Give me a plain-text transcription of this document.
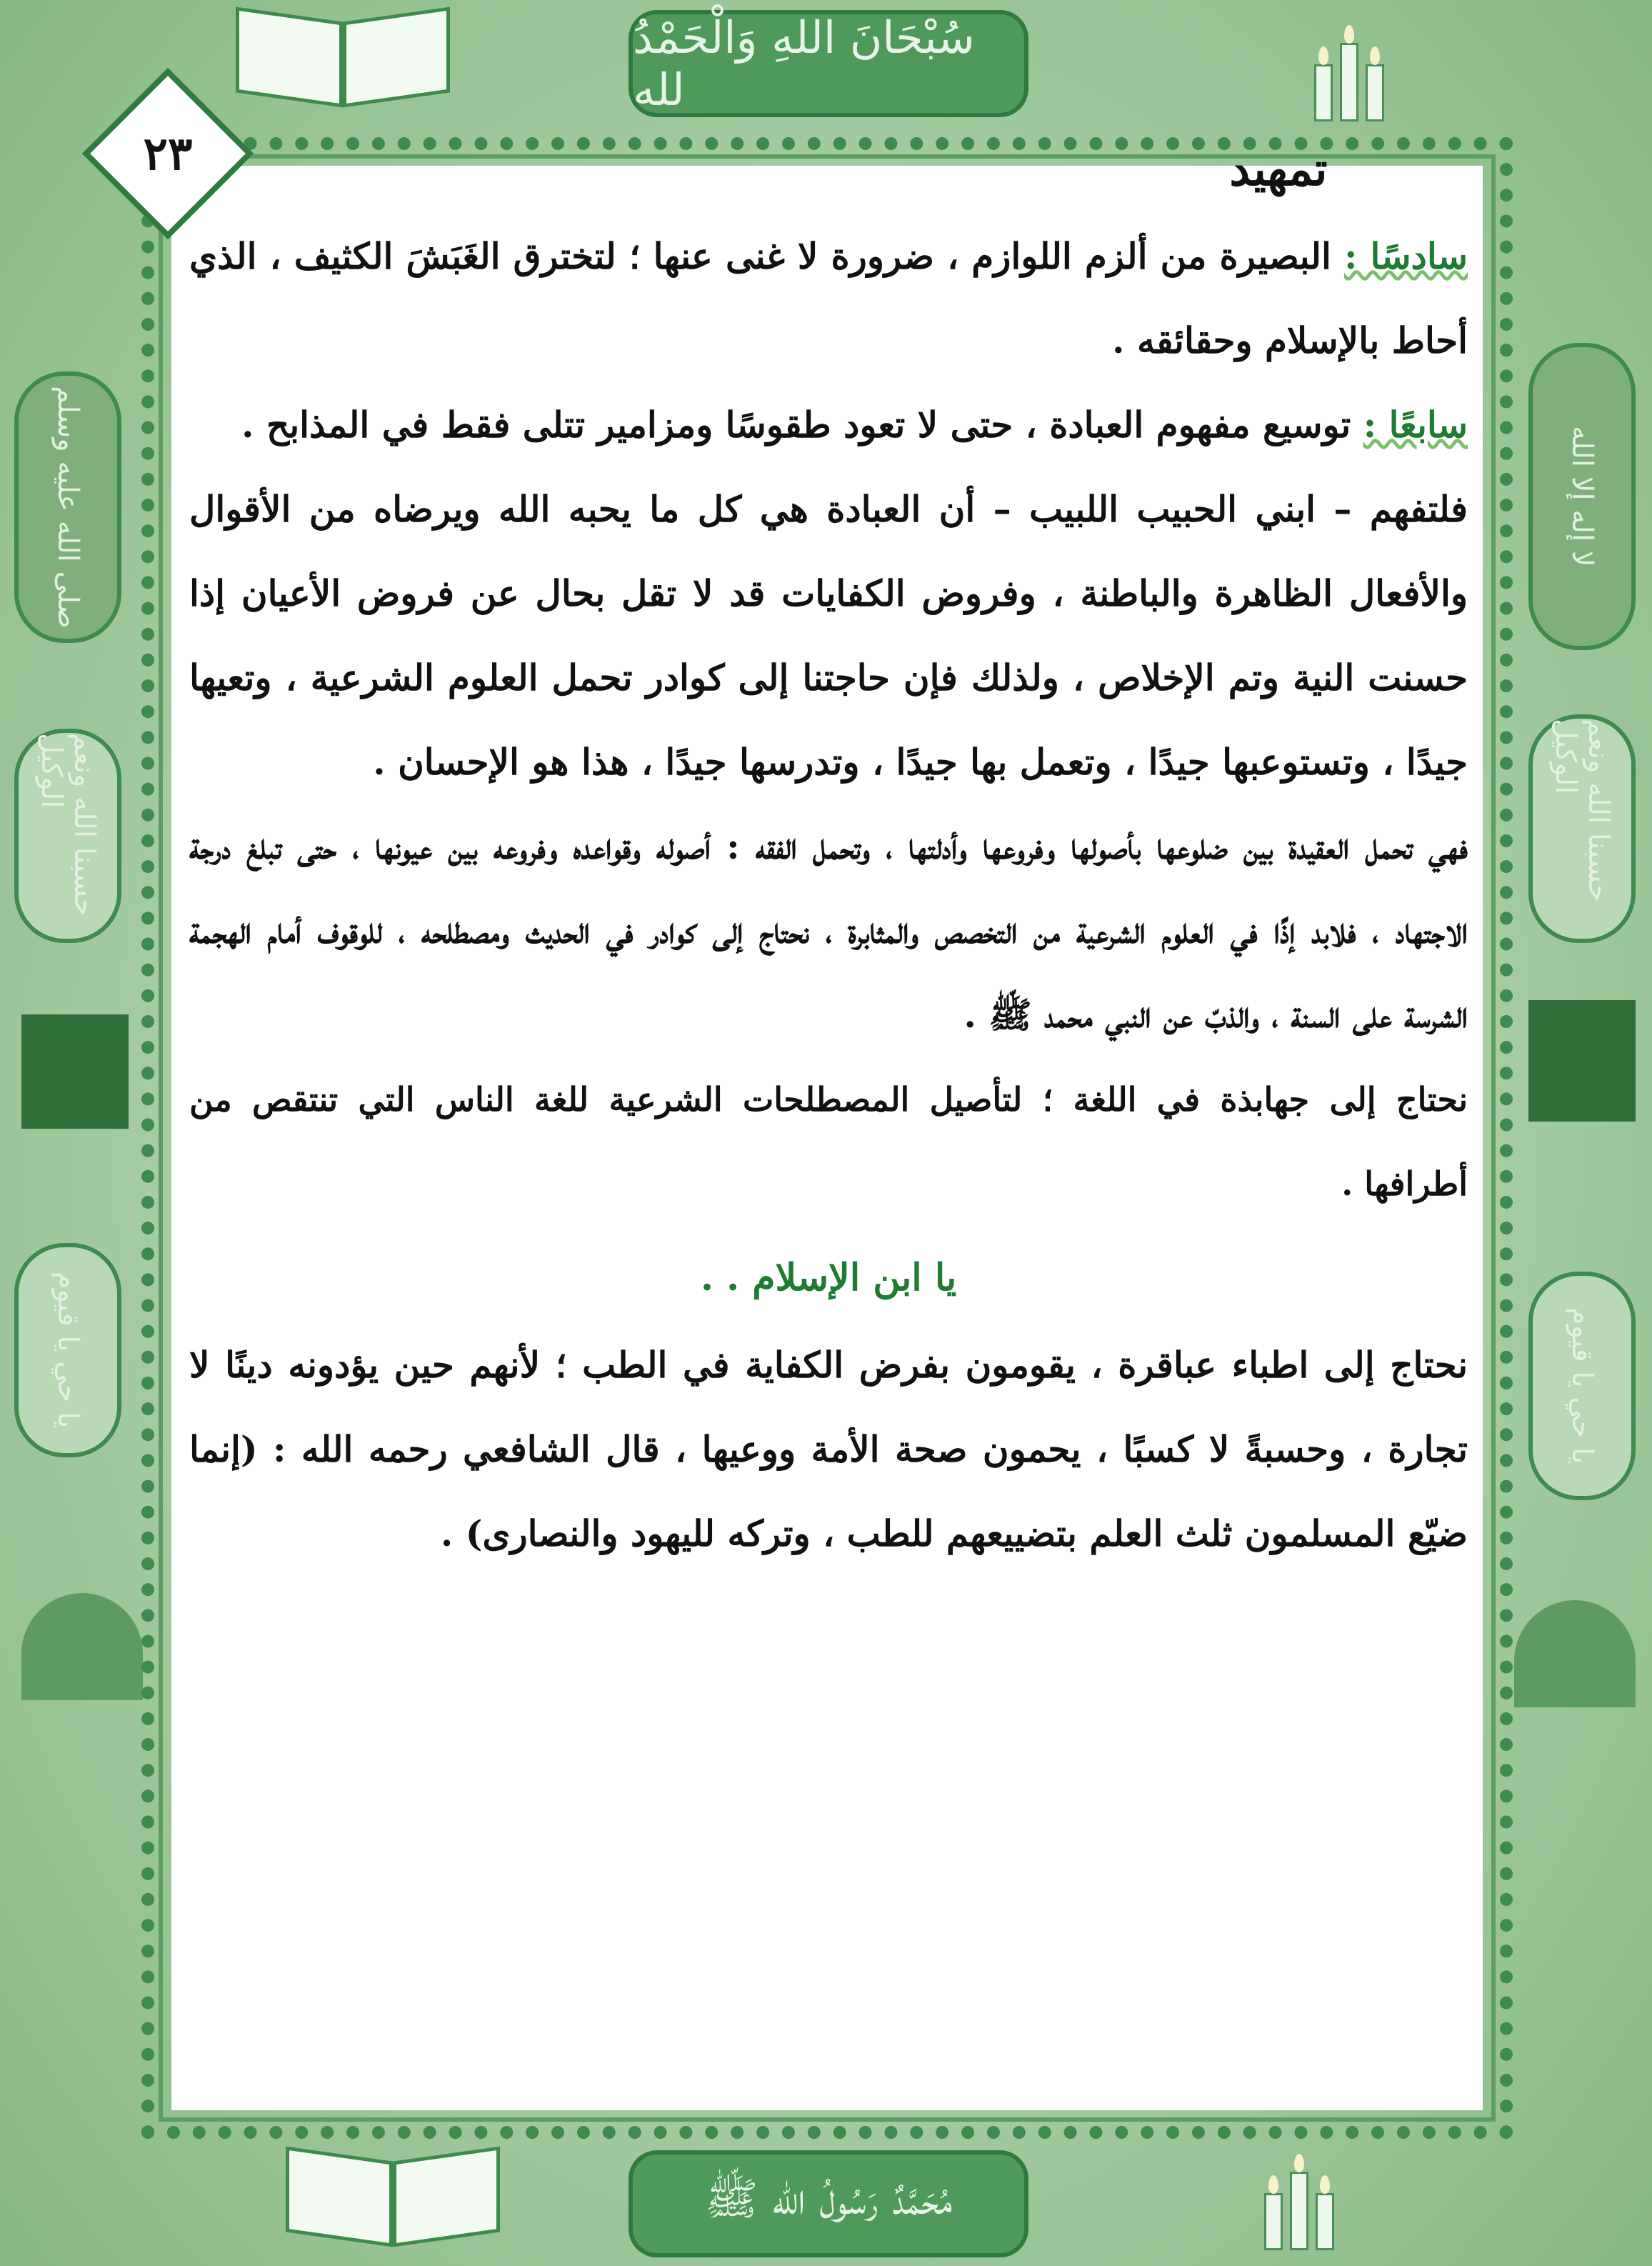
سُبْحَانَ اللهِ وَالْحَمْدُ لله
صلى الله عليه وسلم	لا إله إلا الله
حسبنا الله ونعم الوكيل	حسبنا الله ونعم الوكيل
يا حي يا قيوم	يا حي يا قيوم
٢٣	تمهيد

سادسًا : البصيرة من ألزم اللوازم ، ضرورة لا غنى عنها ؛ لتخترق الغَبَشَ الكثيف ، الذي أحاط بالإسلام وحقائقه .

سابعًا : توسيع مفهوم العبادة ، حتى لا تعود طقوسًا ومزامير تتلى فقط في المذابح .

فلتفهم – ابني الحبيب اللبيب – أن العبادة هي كل ما يحبه الله ويرضاه من الأقوال والأفعال الظاهرة والباطنة ، وفروض الكفايات قد لا تقل بحال عن فروض الأعيان إذا حسنت النية وتم الإخلاص ، ولذلك فإن حاجتنا إلى كوادر تحمل العلوم الشرعية ، وتعيها جيدًا ، وتستوعبها جيدًا ، وتعمل بها جيدًا ، وتدرسها جيدًا ، هذا هو الإحسان .

فهي تحمل العقيدة بين ضلوعها بأصولها وفروعها وأدلتها ، وتحمل الفقه : أصوله وقواعده وفروعه بين عيونها ، حتى تبلغ درجة الاجتهاد ، فلابد إذًا في العلوم الشرعية من التخصص والمثابرة ، نحتاج إلى كوادر في الحديث ومصطلحه ، للوقوف أمام الهجمة الشرسة على السنة ، والذبّ عن النبي محمد ﷺ .

نحتاج إلى جهابذة في اللغة ؛ لتأصيل المصطلحات الشرعية للغة الناس التي تنتقص من أطرافها .

يا ابن الإسلام . .

نحتاج إلى اطباء عباقرة ، يقومون بفرض الكفاية في الطب ؛ لأنهم حين يؤدونه دينًا لا تجارة ، وحسبةً لا كسبًا ، يحمون صحة الأمة ووعيها ، قال الشافعي رحمه الله : (إنما ضيّع المسلمون ثلث العلم بتضييعهم للطب ، وتركه لليهود والنصارى) .

مُحَمَّدٌ رَسُولُ الله ﷺ
